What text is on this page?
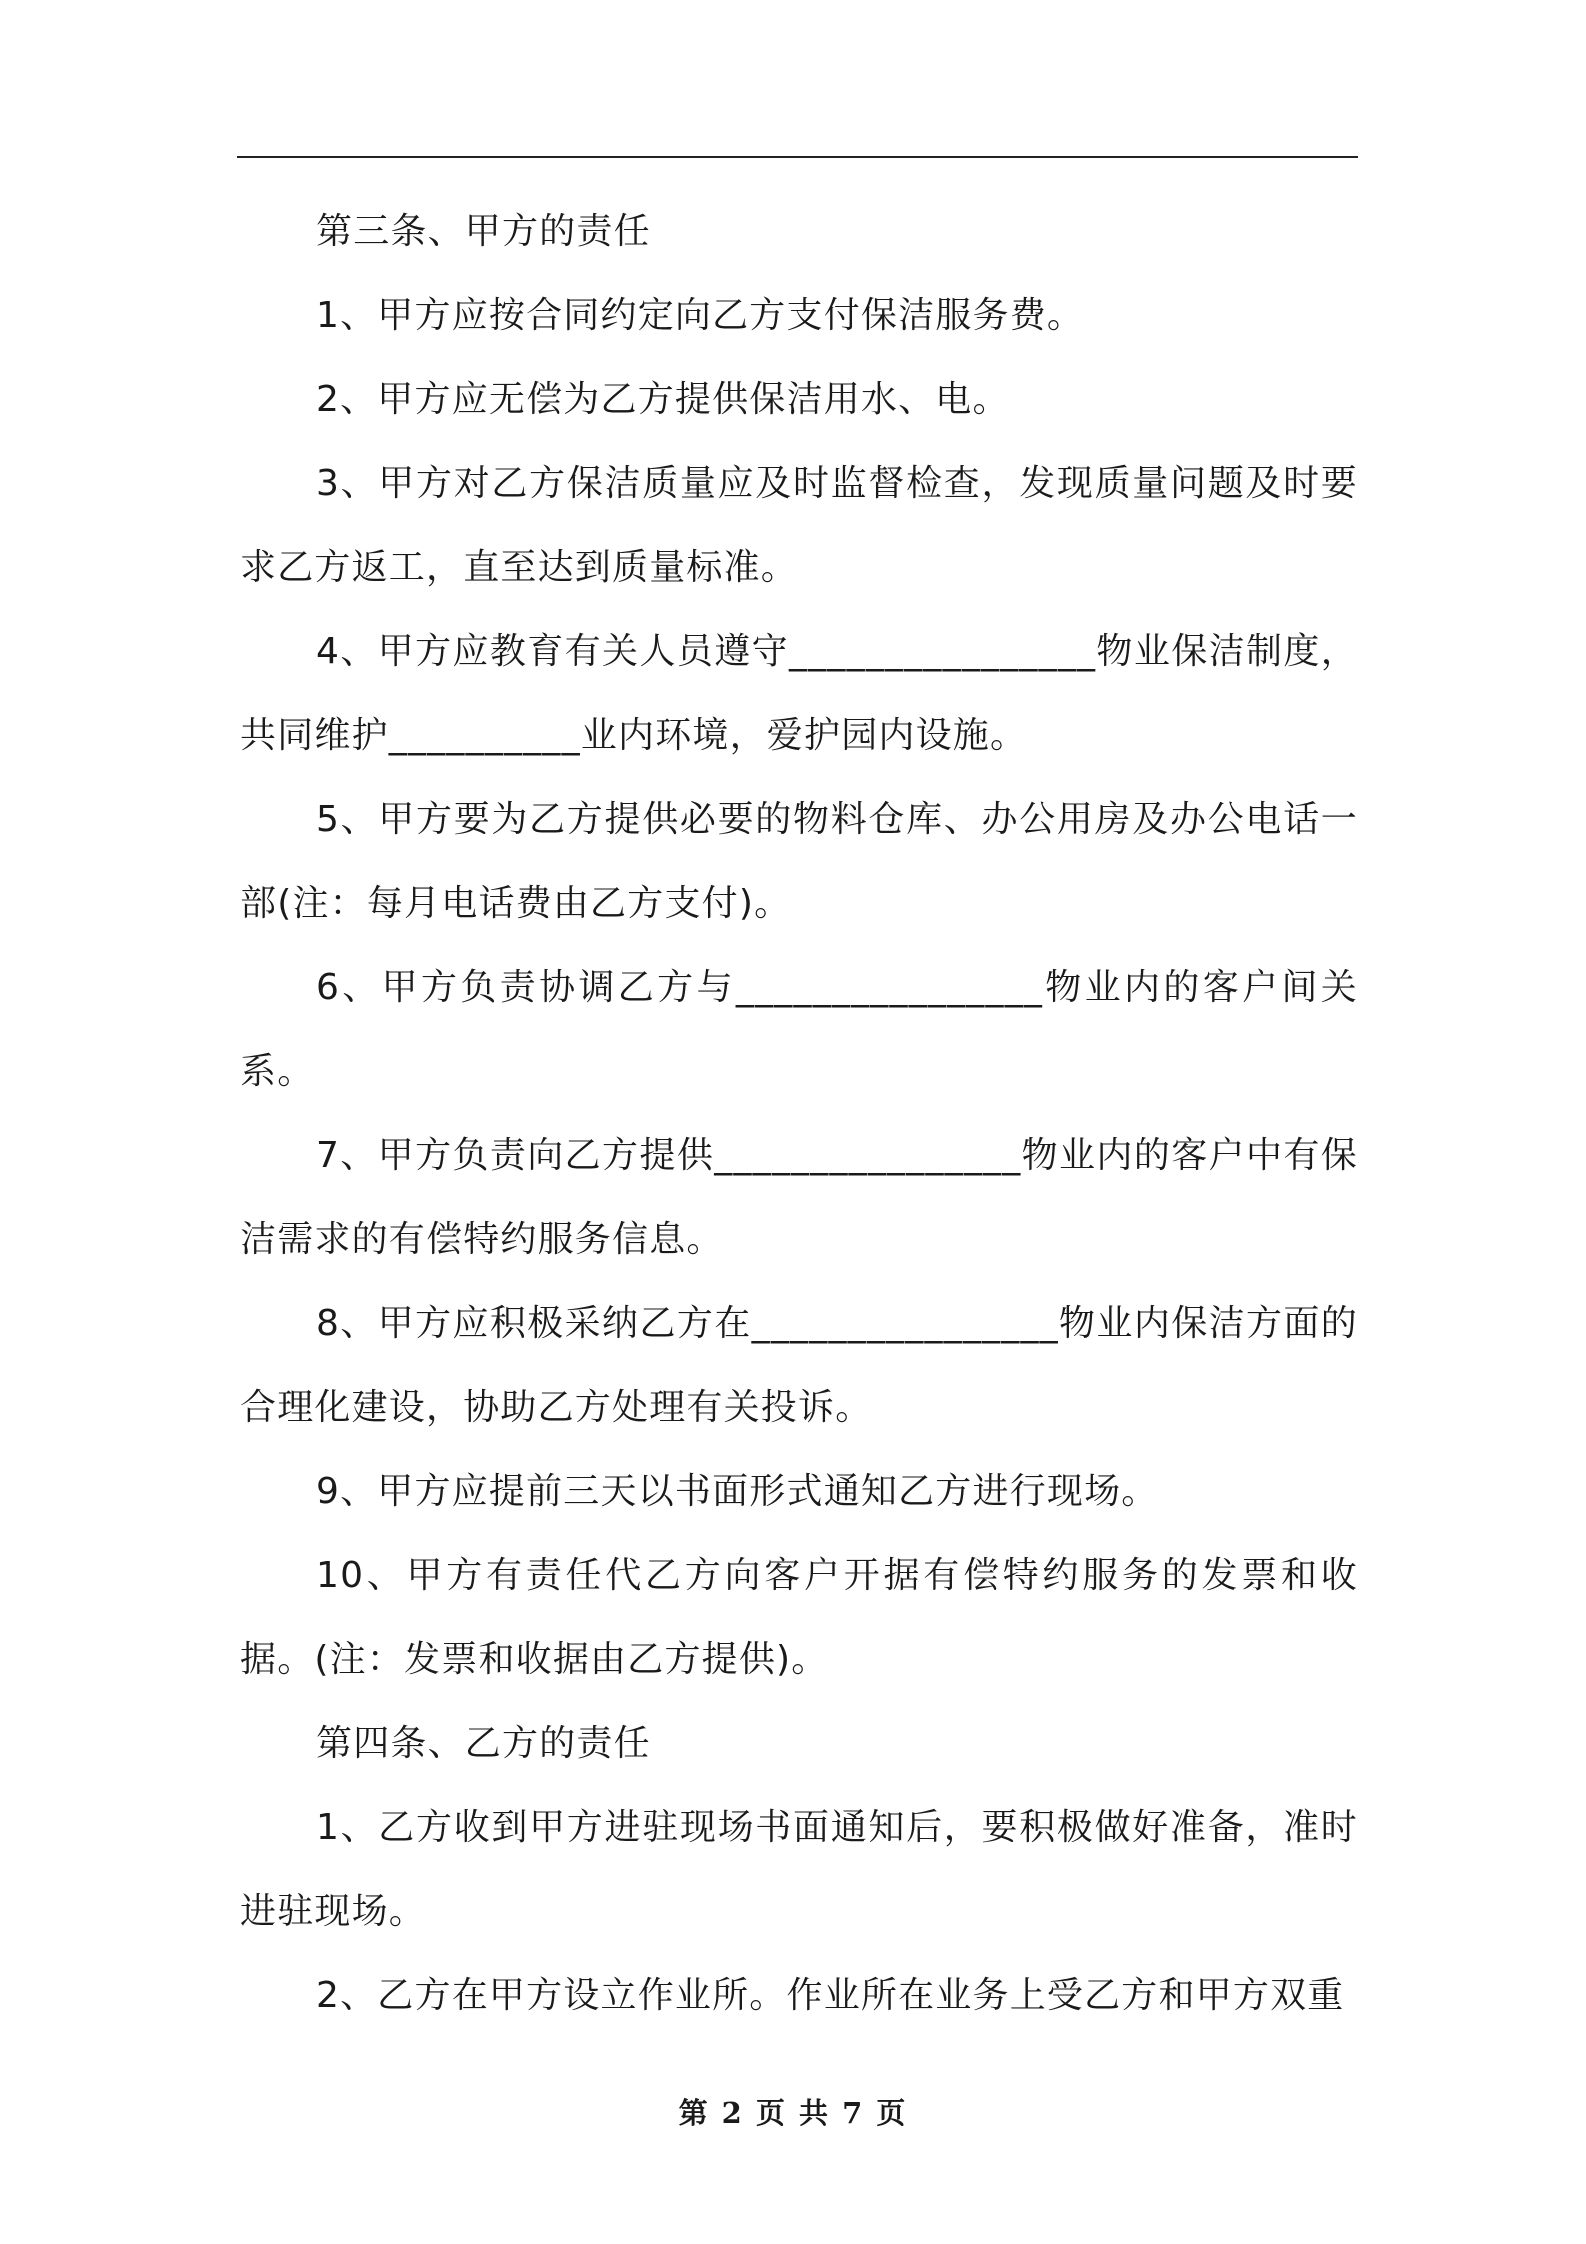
第三条、甲方的责任

1、甲方应按合同约定向乙方支付保洁服务费。

2、甲方应无偿为乙方提供保洁用水、电。

3、甲方对乙方保洁质量应及时监督检查，发现质量问题及时要求乙方返工，直至达到质量标准。

4、甲方应教育有关人员遵守________________物业保洁制度，共同维护__________业内环境，爱护园内设施。

5、甲方要为乙方提供必要的物料仓库、办公用房及办公电话一部(注：每月电话费由乙方支付)。

6、甲方负责协调乙方与________________物业内的客户间关系。

7、甲方负责向乙方提供________________物业内的客户中有保洁需求的有偿特约服务信息。

8、甲方应积极采纳乙方在________________物业内保洁方面的合理化建设，协助乙方处理有关投诉。

9、甲方应提前三天以书面形式通知乙方进行现场。

10、甲方有责任代乙方向客户开据有偿特约服务的发票和收据。(注：发票和收据由乙方提供)。

第四条、乙方的责任

1、乙方收到甲方进驻现场书面通知后，要积极做好准备，准时进驻现场。

2、乙方在甲方设立作业所。作业所在业务上受乙方和甲方双重

第 2 页 共 7 页
